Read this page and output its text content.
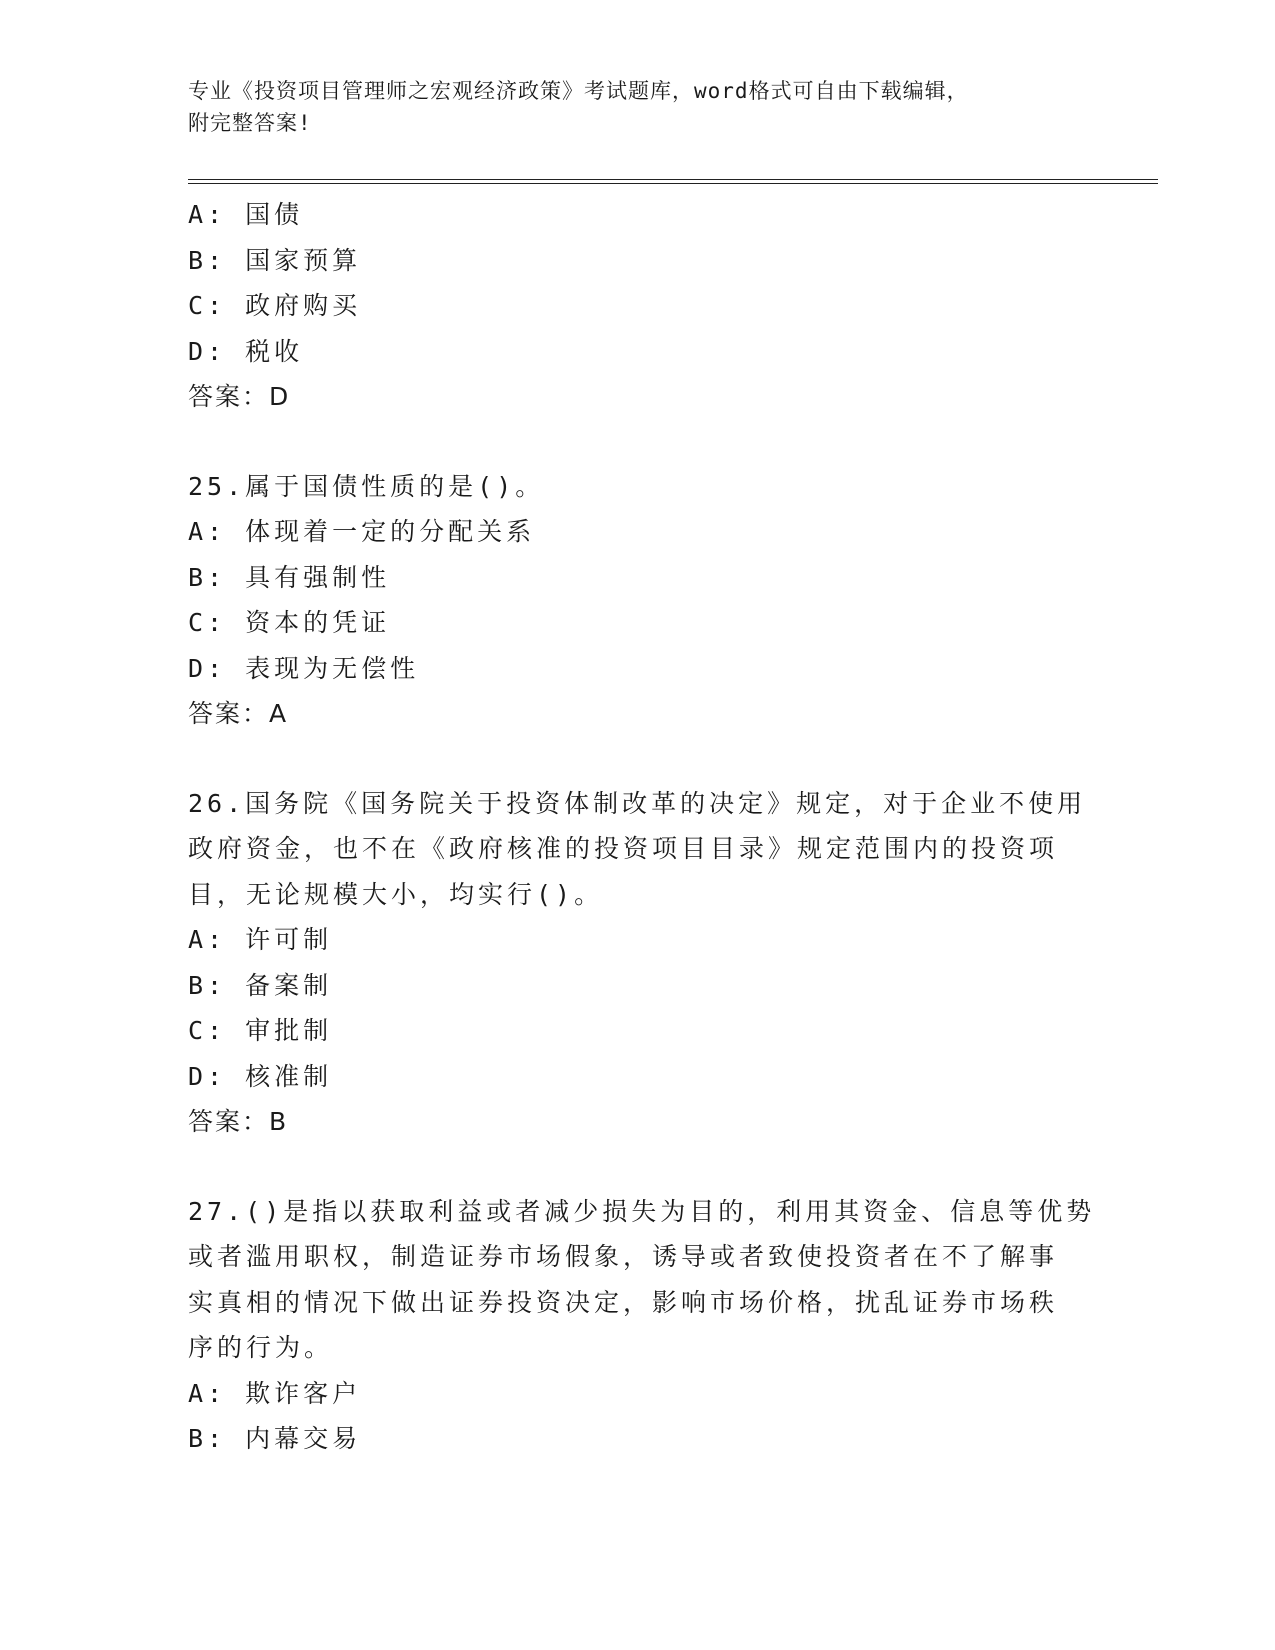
专业《投资项目管理师之宏观经济政策》考试题库，word格式可自由下载编辑，
附完整答案!
A: 国债
B: 国家预算
C: 政府购买
D: 税收
答案：D
25.属于国债性质的是()。
A: 体现着一定的分配关系
B: 具有强制性
C: 资本的凭证
D: 表现为无偿性
答案：A
26.国务院《国务院关于投资体制改革的决定》规定，对于企业不使用
政府资金，也不在《政府核准的投资项目目录》规定范围内的投资项
目，无论规模大小，均实行()。
A: 许可制
B: 备案制
C: 审批制
D: 核准制
答案：B
27.()是指以获取利益或者减少损失为目的，利用其资金、信息等优势
或者滥用职权，制造证券市场假象，诱导或者致使投资者在不了解事
实真相的情况下做出证券投资决定，影响市场价格，扰乱证券市场秩
序的行为。
A: 欺诈客户
B: 内幕交易
